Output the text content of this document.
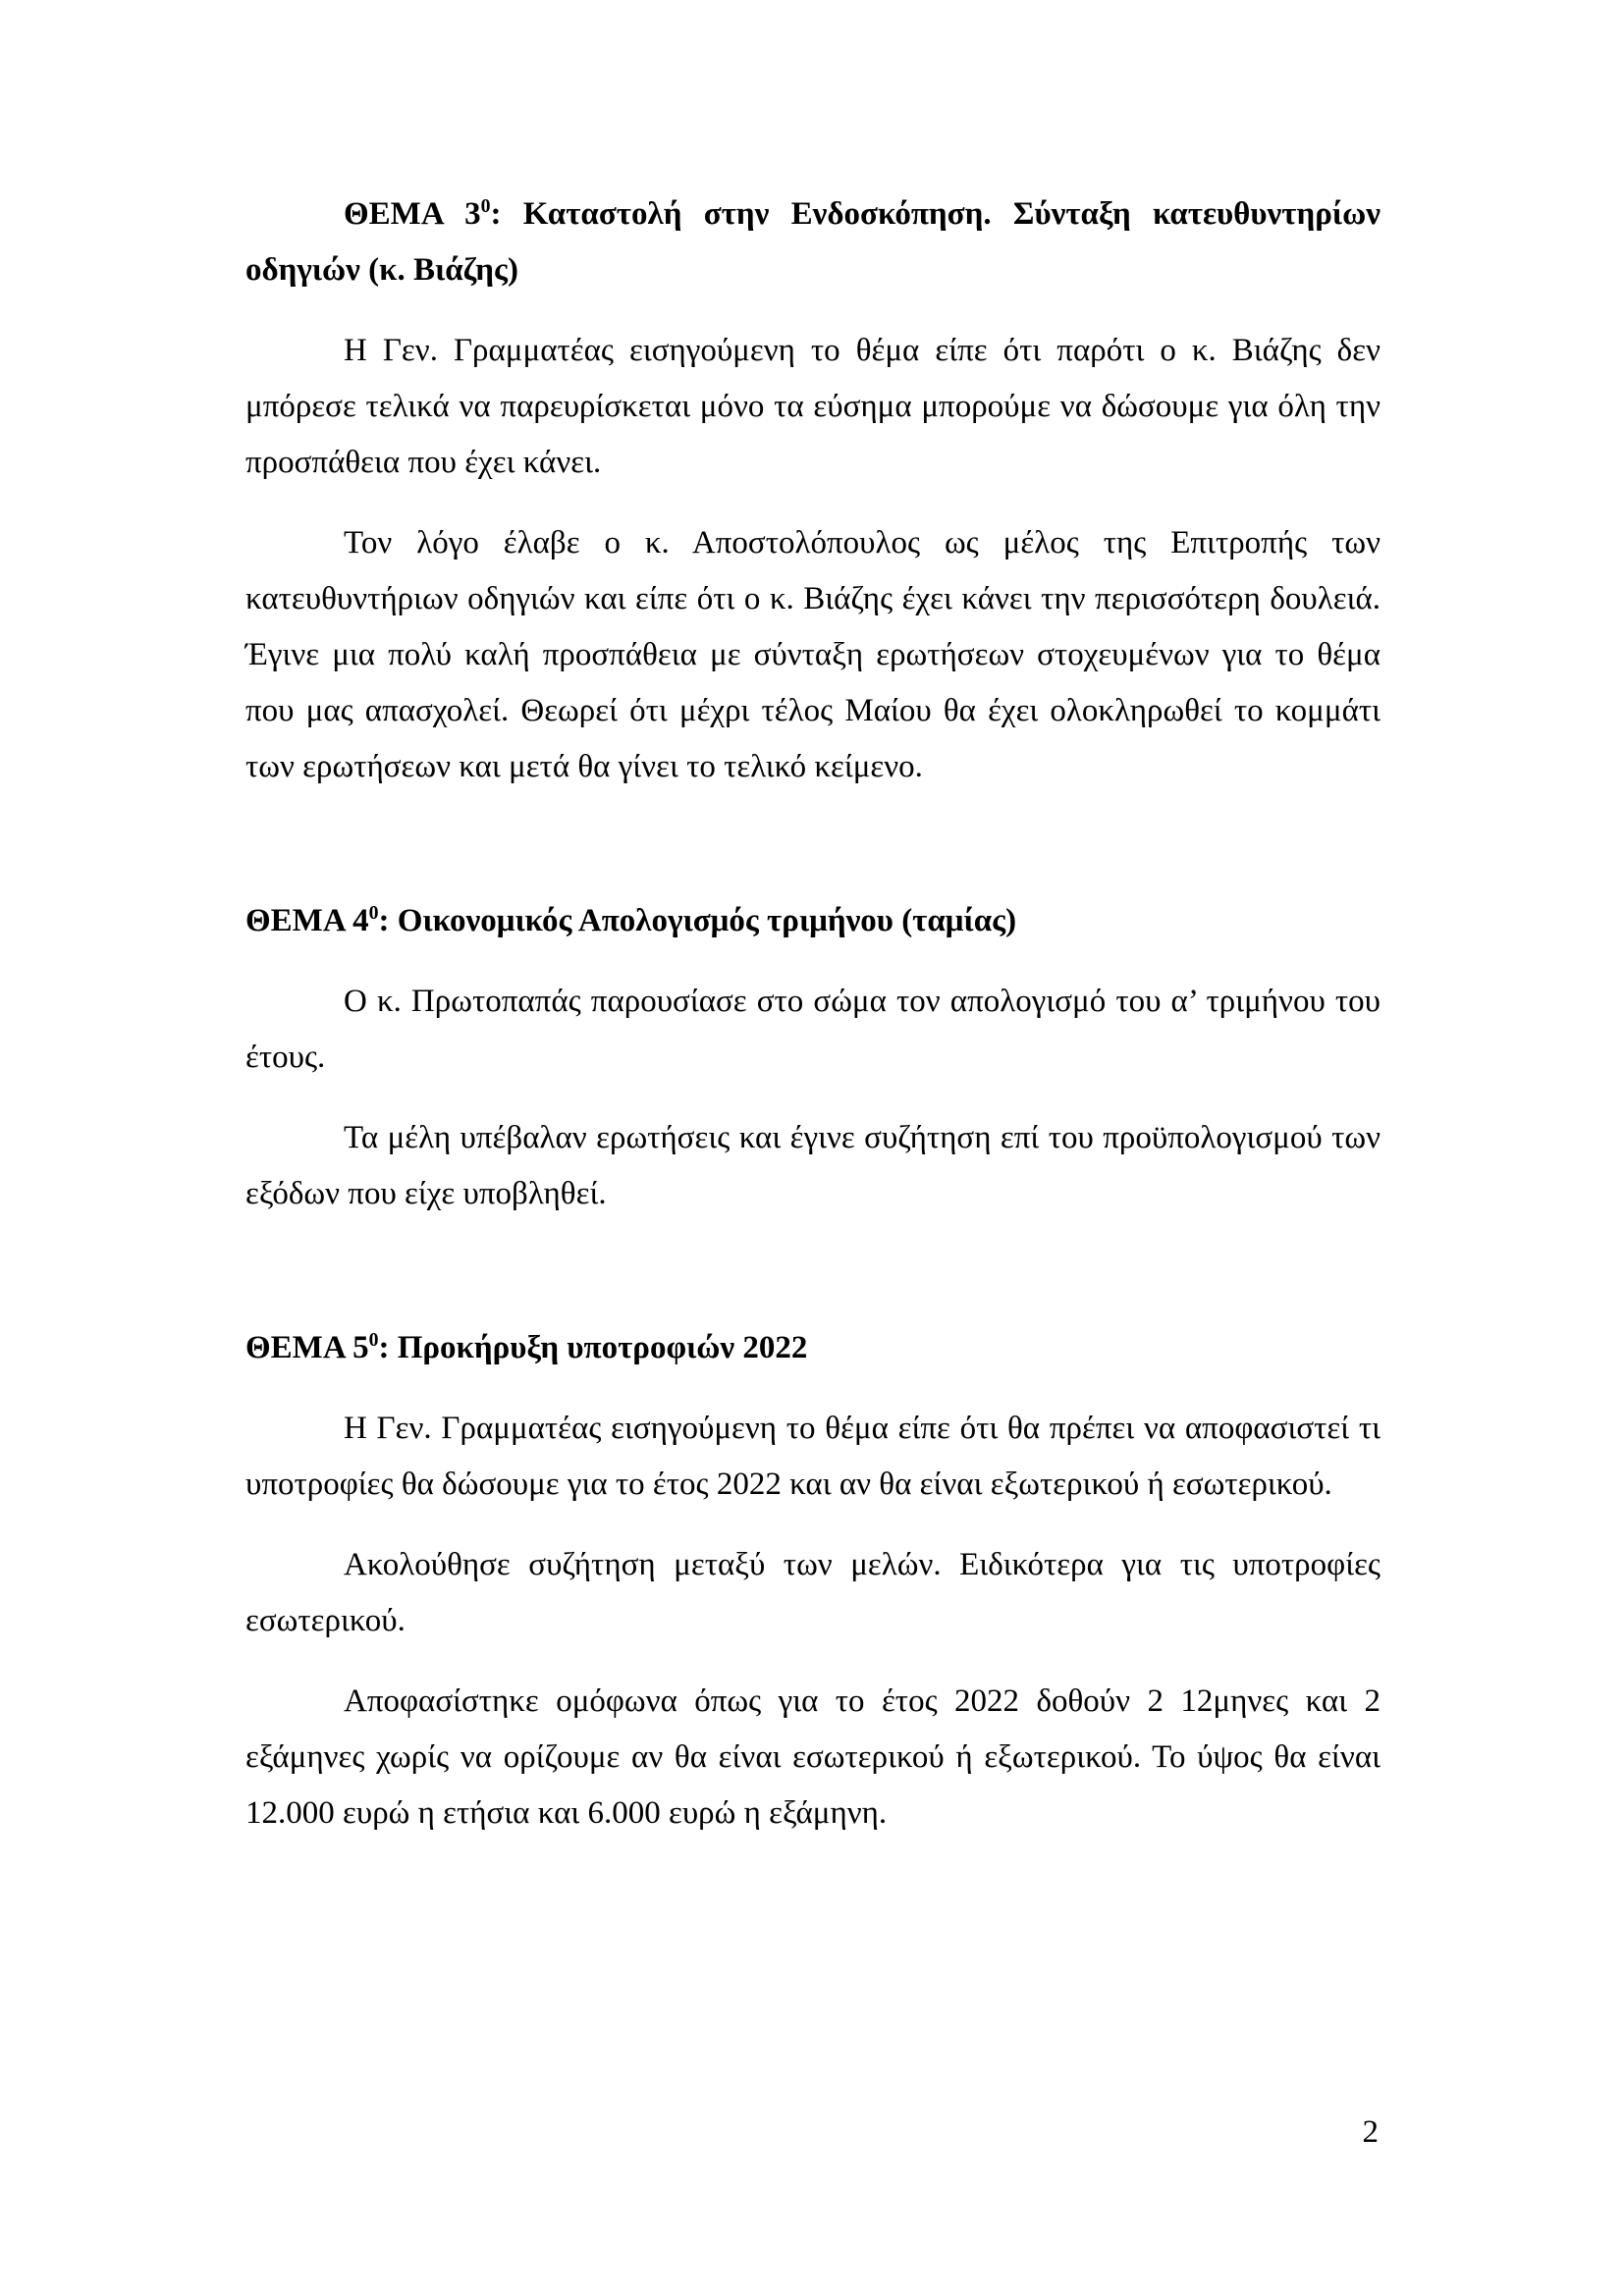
ΘΕΜΑ $3^0$: Καταστολή στην Ενδοσκόπηση. Σύνταξη κατευθυντηρίων οδηγιών (κ. Βιάζης)

Η Γεν. Γραμματέας εισηγούμενη το θέμα είπε ότι παρότι ο κ. Βιάζης δεν μπόρεσε τελικά να παρευρίσκεται μόνο τα εύσημα μπορούμε να δώσουμε για όλη την προσπάθεια που έχει κάνει.

Τον λόγο έλαβε ο κ. Αποστολόπουλος ως μέλος της Επιτροπής των κατευθυντήριων οδηγιών και είπε ότι ο κ. Βιάζης έχει κάνει την περισσότερη δουλειά. Έγινε μια πολύ καλή προσπάθεια με σύνταξη ερωτήσεων στοχευμένων για το θέμα που μας απασχολεί. Θεωρεί ότι μέχρι τέλος Μαίου θα έχει ολοκληρωθεί το κομμάτι των ερωτήσεων και μετά θα γίνει το τελικό κείμενο.

ΘΕΜΑ $4^0$: Οικονομικός Απολογισμός τριμήνου (ταμίας)

Ο κ. Πρωτοπαπάς παρουσίασε στο σώμα τον απολογισμό του α’ τριμήνου του έτους.

Τα μέλη υπέβαλαν ερωτήσεις και έγινε συζήτηση επί του προϋπολογισμού των εξόδων που είχε υποβληθεί.

ΘΕΜΑ $5^0$: Προκήρυξη υποτροφιών 2022

Η Γεν. Γραμματέας εισηγούμενη το θέμα είπε ότι θα πρέπει να αποφασιστεί τι υποτροφίες θα δώσουμε για το έτος 2022 και αν θα είναι εξωτερικού ή εσωτερικού.

Ακολούθησε συζήτηση μεταξύ των μελών. Ειδικότερα για τις υποτροφίες εσωτερικού.

Αποφασίστηκε ομόφωνα όπως για το έτος 2022 δοθούν 2 12μηνες και 2 εξάμηνες χωρίς να ορίζουμε αν θα είναι εσωτερικού ή εξωτερικού. Το ύψος θα είναι 12.000 ευρώ η ετήσια και 6.000 ευρώ η εξάμηνη.

2
